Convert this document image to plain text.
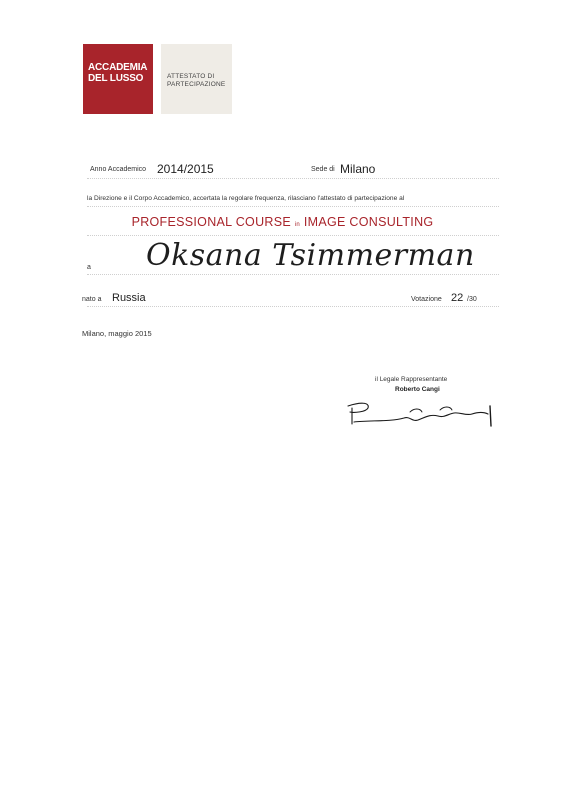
ACCADEMIA
DEL LUSSO	ATTESTATO DI
PARTECIPAZIONE
Anno Accademico 2014/2015	Sede di Milano
la Direzione e il Corpo Accademico, accertata la regolare frequenza, rilasciano l'attestato di partecipazione al
PROFESSIONAL COURSE in IMAGE CONSULTING
a Oksana Tsimmerman
nato a Russia	Votazione 22 /30
Milano, maggio 2015
il Legale Rappresentante
Roberto Cangi
